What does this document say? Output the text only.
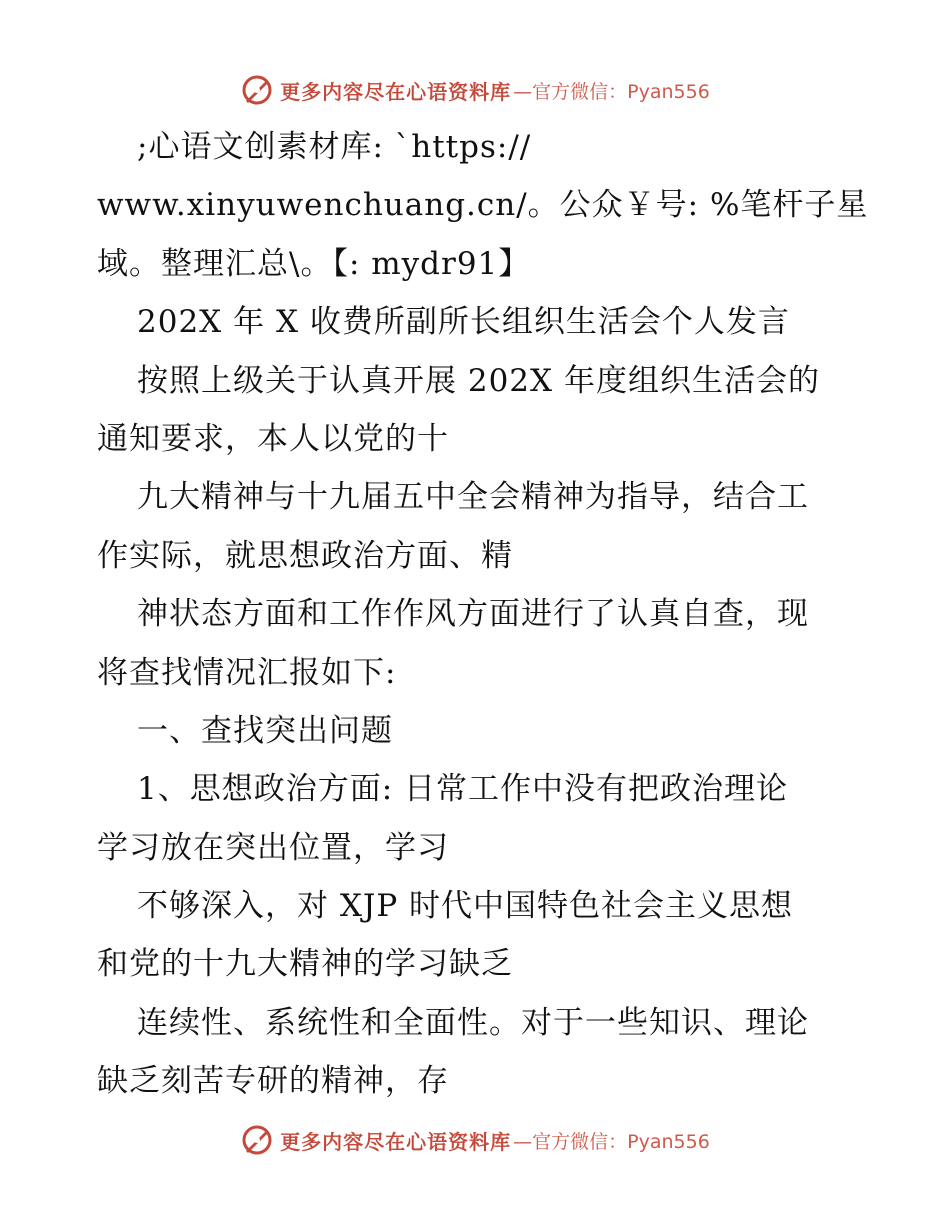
更多内容尽在心语资料库 —官方微信：Pyan556
;心语文创素材库: `https://
www.xinyuwenchuang.cn/。公众￥号: %笔杆子星
域。整理汇总\。【: mydr91】
202X 年 X 收费所副所长组织生活会个人发言
按照上级关于认真开展 202X 年度组织生活会的
通知要求，本人以党的十
九大精神与十九届五中全会精神为指导，结合工
作实际，就思想政治方面、精
神状态方面和工作作风方面进行了认真自查，现
将查找情况汇报如下:
一、查找突出问题
1、思想政治方面: 日常工作中没有把政治理论
学习放在突出位置，学习
不够深入，对 XJP 时代中国特色社会主义思想
和党的十九大精神的学习缺乏
连续性、系统性和全面性。对于一些知识、理论
缺乏刻苦专研的精神，存
更多内容尽在心语资料库 —官方微信：Pyan556
